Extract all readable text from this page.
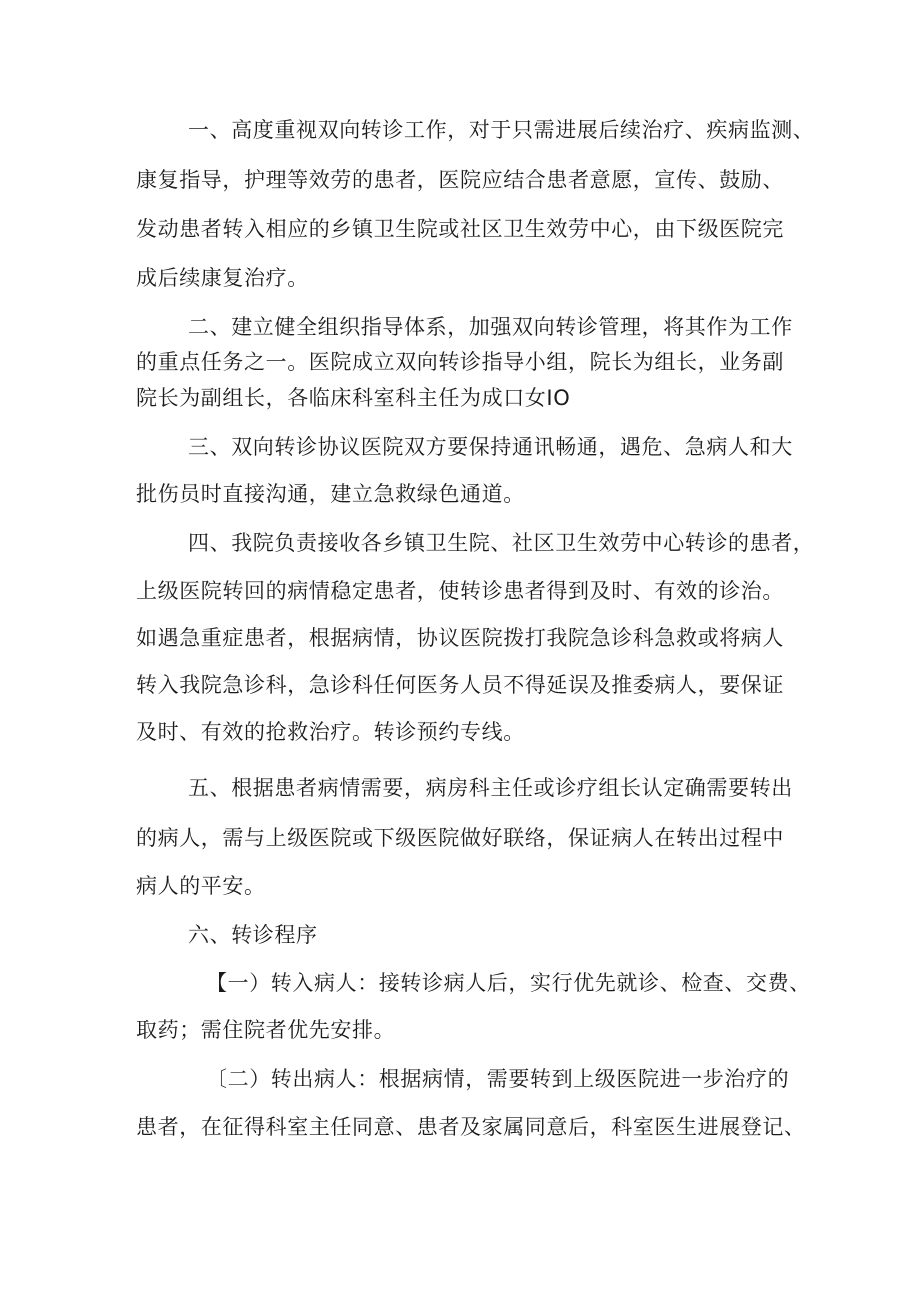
一、高度重视双向转诊工作，对于只需进展后续治疗、疾病监测、
康复指导，护理等效劳的患者，医院应结合患者意愿，宣传、鼓励、
发动患者转入相应的乡镇卫生院或社区卫生效劳中心，由下级医院完
成后续康复治疗。
二、建立健全组织指导体系，加强双向转诊管理，将其作为工作
的重点任务之一。医院成立双向转诊指导小组，院长为组长，业务副
院长为副组长，各临床科室科主任为成口女IO
三、双向转诊协议医院双方要保持通讯畅通，遇危、急病人和大
批伤员时直接沟通，建立急救绿色通道。
四、我院负责接收各乡镇卫生院、社区卫生效劳中心转诊的患者，
上级医院转回的病情稳定患者，使转诊患者得到及时、有效的诊治。
如遇急重症患者，根据病情，协议医院拨打我院急诊科急救或将病人
转入我院急诊科，急诊科任何医务人员不得延误及推委病人，要保证
及时、有效的抢救治疗。转诊预约专线。
五、根据患者病情需要，病房科主任或诊疗组长认定确需要转出
的病人，需与上级医院或下级医院做好联络，保证病人在转出过程中
病人的平安。
六、转诊程序
【一）转入病人：接转诊病人后，实行优先就诊、检查、交费、
取药；需住院者优先安排。
〔二）转出病人：根据病情，需要转到上级医院进一步治疗的
患者，在征得科室主任同意、患者及家属同意后，科室医生进展登记、
